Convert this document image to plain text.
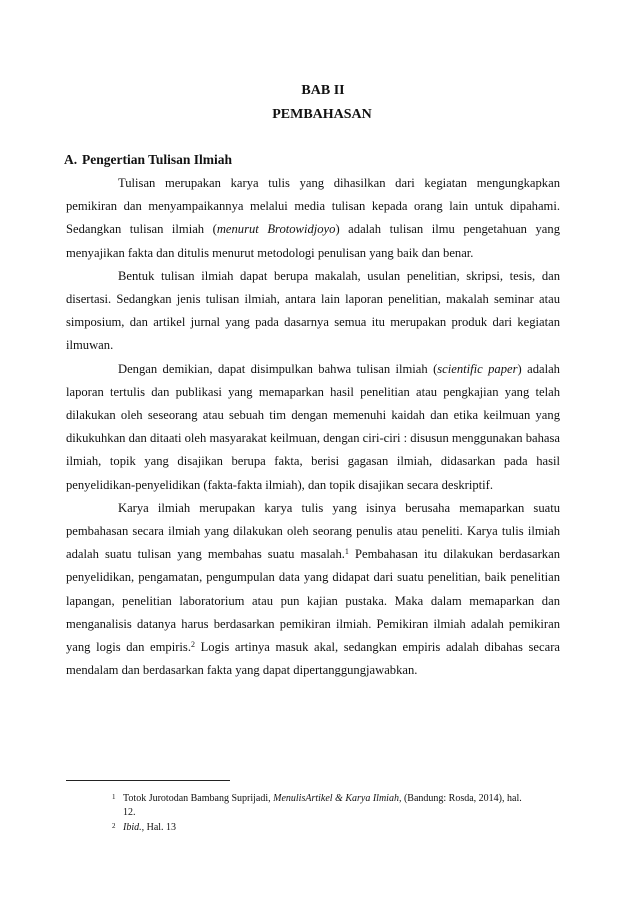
BAB II
PEMBAHASAN
A. Pengertian Tulisan Ilmiah

Tulisan merupakan karya tulis yang dihasilkan dari kegiatan mengungkapkan pemikiran dan menyampaikannya melalui media tulisan kepada orang lain untuk dipahami. Sedangkan tulisan ilmiah (menurut Brotowidjoyo) adalah tulisan ilmu pengetahuan yang menyajikan fakta dan ditulis menurut metodologi penulisan yang baik dan benar.

Bentuk tulisan ilmiah dapat berupa makalah, usulan penelitian, skripsi, tesis, dan disertasi. Sedangkan jenis tulisan ilmiah, antara lain laporan penelitian, makalah seminar atau simposium, dan artikel jurnal yang pada dasarnya semua itu merupakan produk dari kegiatan ilmuwan.

Dengan demikian, dapat disimpulkan bahwa tulisan ilmiah (scientific paper) adalah laporan tertulis dan publikasi yang memaparkan hasil penelitian atau pengkajian yang telah dilakukan oleh seseorang atau sebuah tim dengan memenuhi kaidah dan etika keilmuan yang dikukuhkan dan ditaati oleh masyarakat keilmuan, dengan ciri-ciri : disusun menggunakan bahasa ilmiah, topik yang disajikan berupa fakta, berisi gagasan ilmiah, didasarkan pada hasil penyelidikan-penyelidikan (fakta-fakta ilmiah), dan topik disajikan secara deskriptif.

Karya ilmiah merupakan karya tulis yang isinya berusaha memaparkan suatu pembahasan secara ilmiah yang dilakukan oleh seorang penulis atau peneliti. Karya tulis ilmiah adalah suatu tulisan yang membahas suatu masalah.$^1$ Pembahasan itu dilakukan berdasarkan penyelidikan, pengamatan, pengumpulan data yang didapat dari suatu penelitian, baik penelitian lapangan, penelitian laboratorium atau pun kajian pustaka. Maka dalam memaparkan dan menganalisis datanya harus berdasarkan pemikiran ilmiah. Pemikiran ilmiah adalah pemikiran yang logis dan empiris.$^2$ Logis artinya masuk akal, sedangkan empiris adalah dibahas secara mendalam dan berdasarkan fakta yang dapat dipertanggungjawabkan.

1 Totok Jurotodan Bambang Suprijadi, MenulisArtikel & Karya Ilmiah, (Bandung: Rosda, 2014), hal. 12.
2 Ibid., Hal. 13
